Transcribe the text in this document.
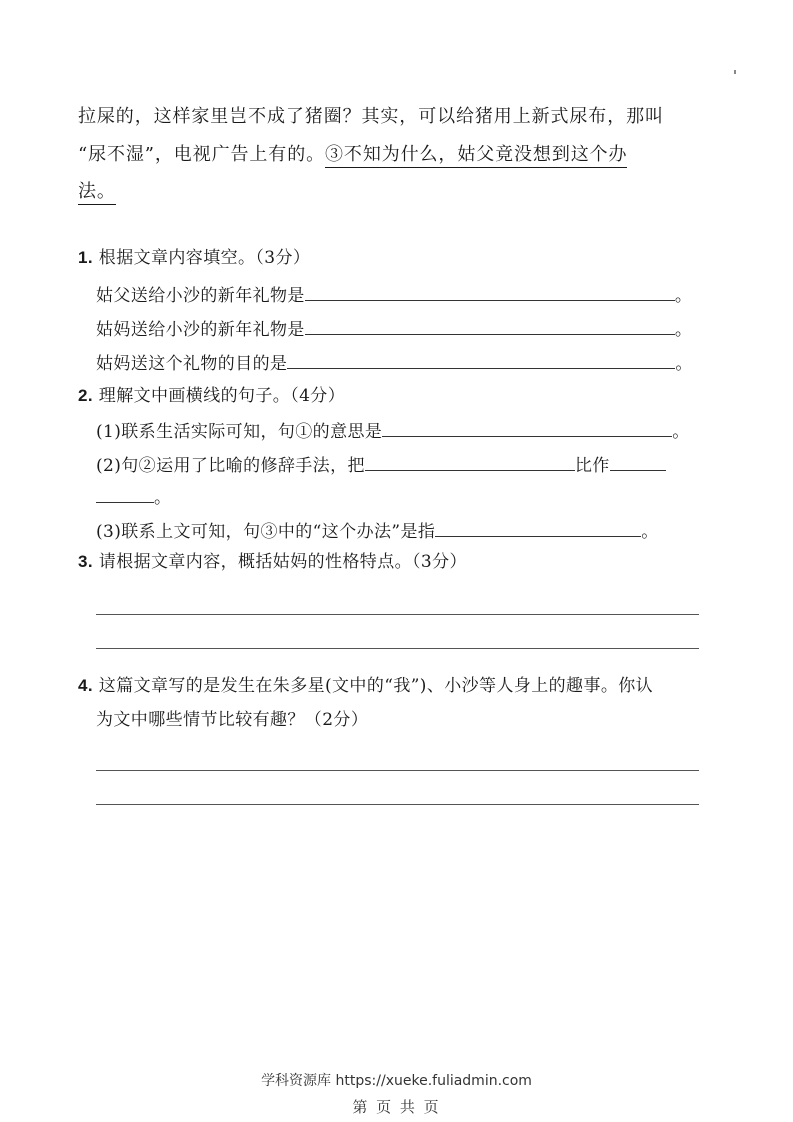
拉屎的，这样家里岂不成了猪圈？其实，可以给猪用上新式尿布，那叫
“尿不湿”，电视广告上有的。③不知为什么，姑父竟没想到这个办
法。
1. 根据文章内容填空。（3分）
姑父送给小沙的新年礼物是	。
姑妈送给小沙的新年礼物是	。
姑妈送这个礼物的目的是	。
2. 理解文中画横线的句子。（4分）
(1)联系生活实际可知，句①的意思是	。
(2)句②运用了比喻的修辞手法，把	比作
。
(3)联系上文可知，句③中的“这个办法”是指	。
3. 请根据文章内容，概括姑妈的性格特点。（3分）
4. 这篇文章写的是发生在朱多星(文中的“我”)、小沙等人身上的趣事。你认
为文中哪些情节比较有趣？（2分）
学科资源库 https://xueke.fuliadmin.com
第 页 共 页
